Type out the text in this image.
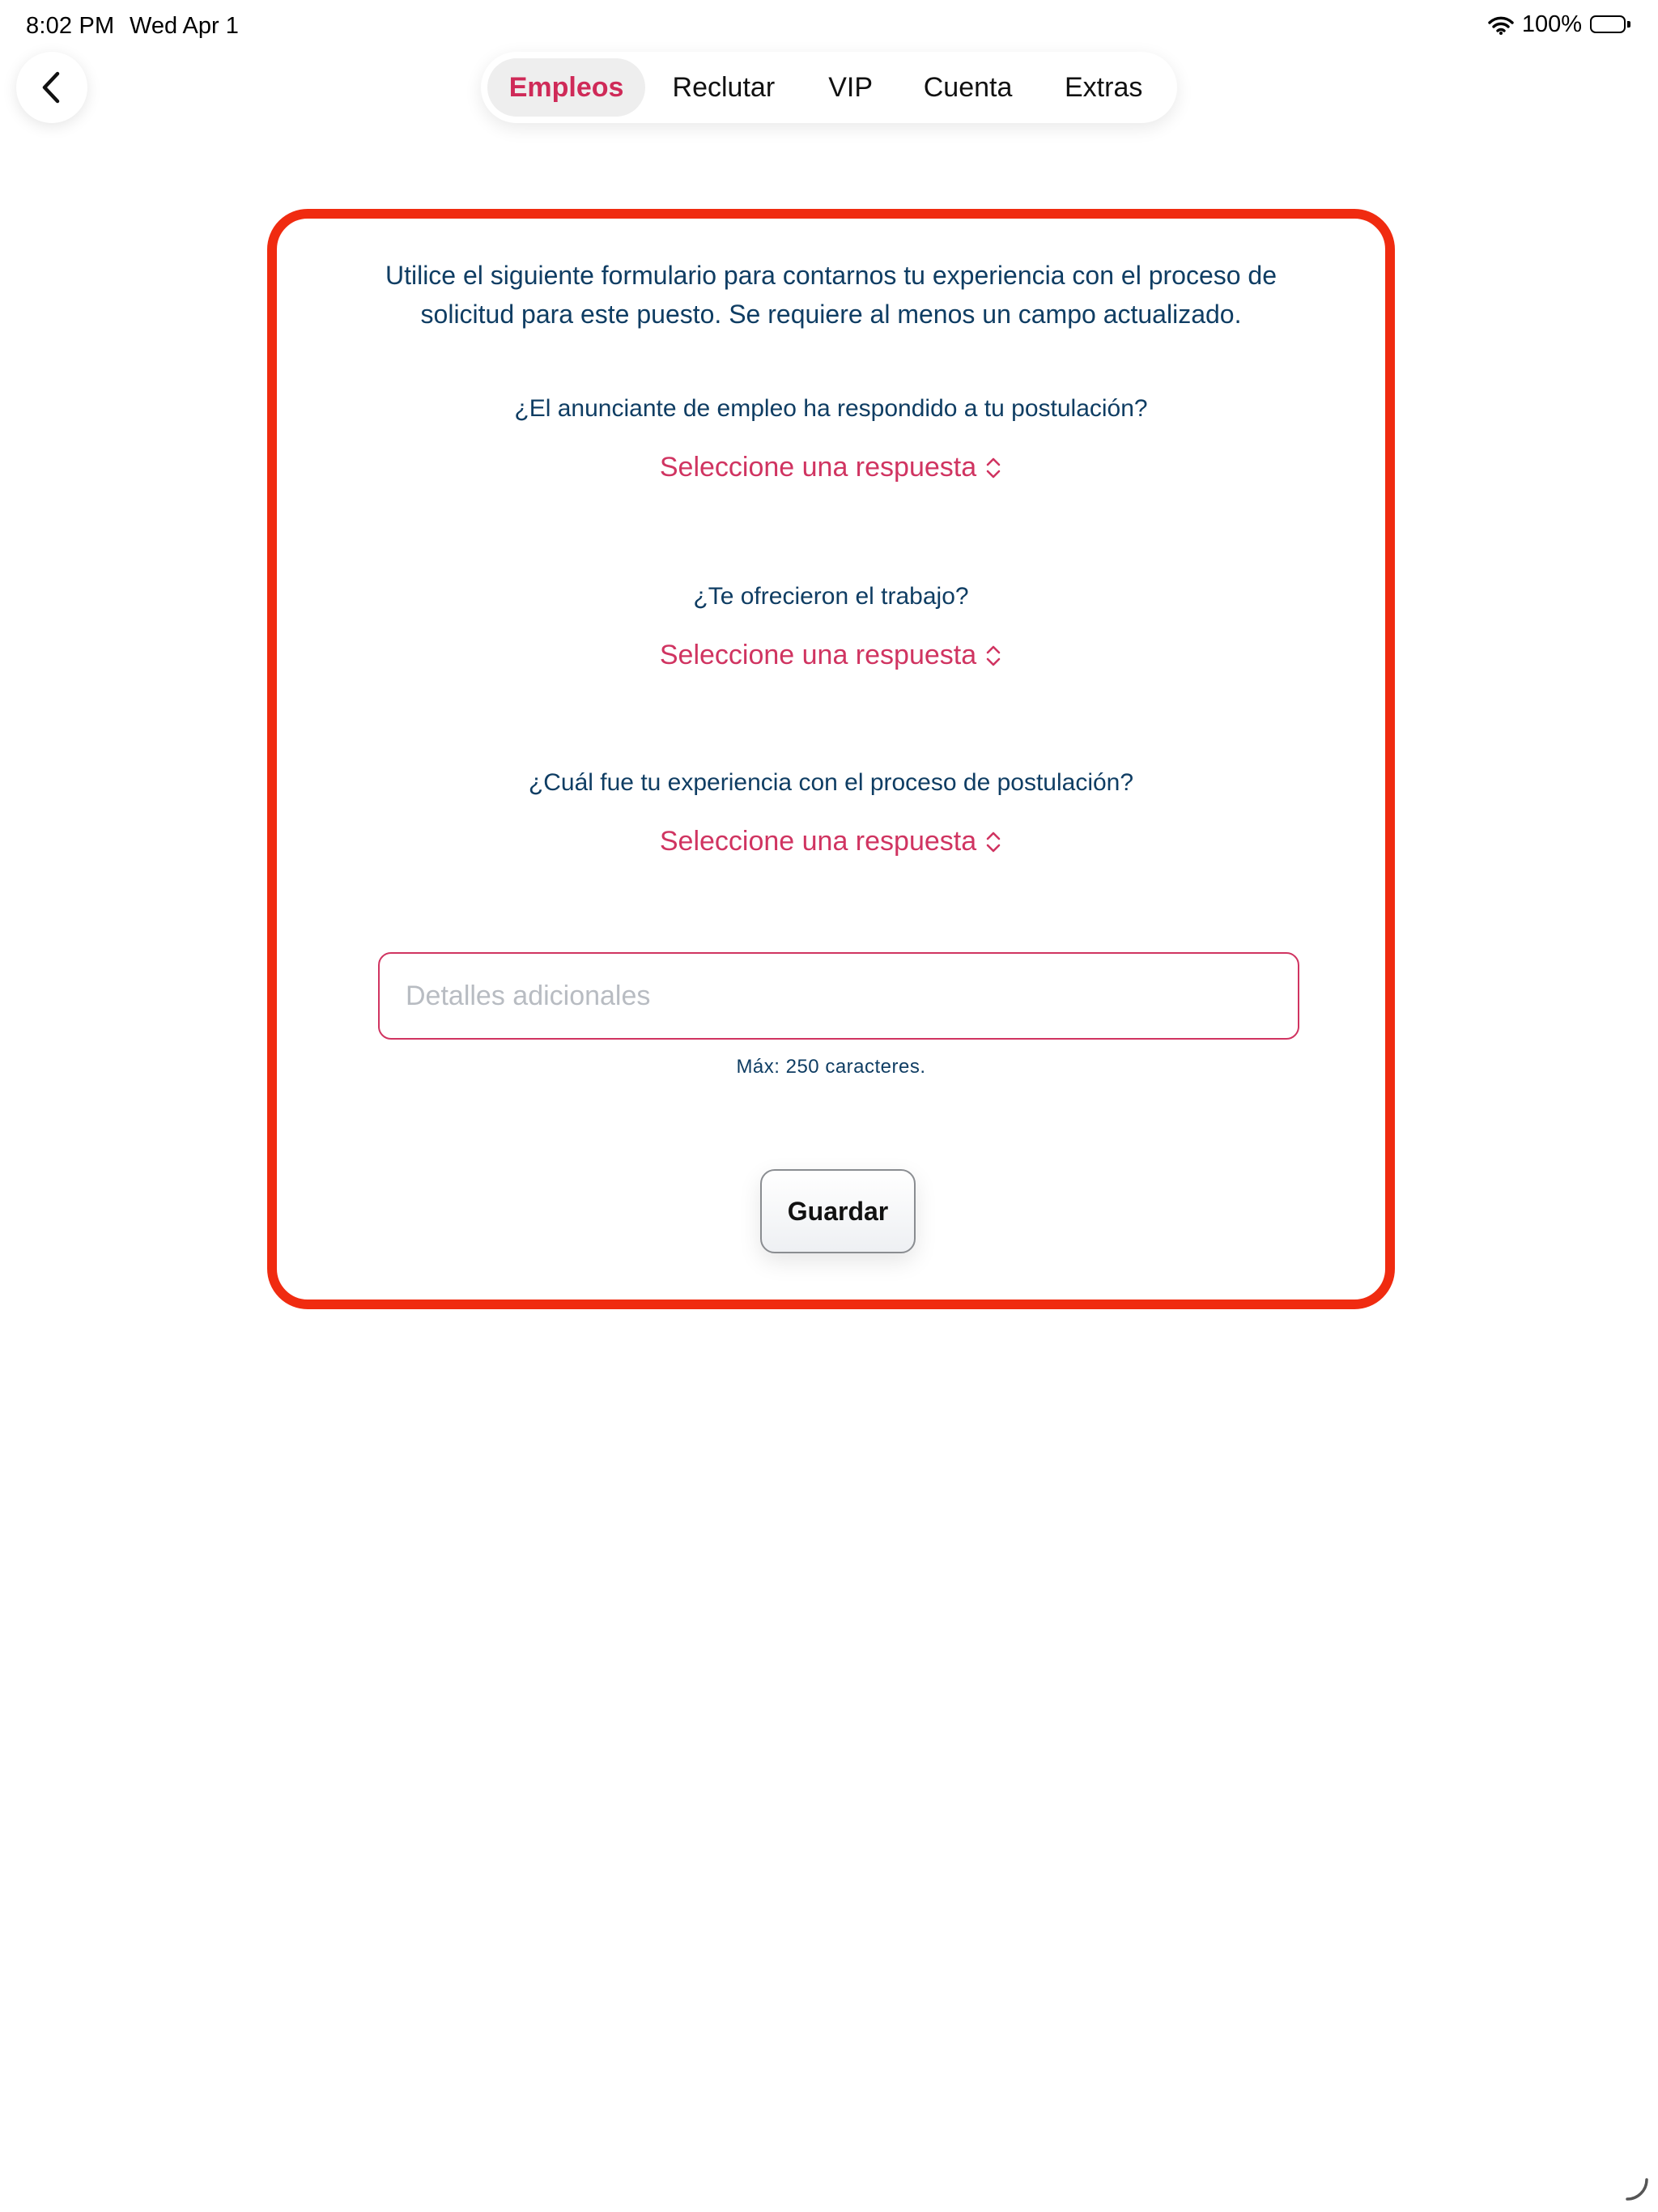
8:02 PM Wed Apr 1	100%
Empleos	Reclutar	VIP	Cuenta	Extras
Utilice el siguiente formulario para contarnos tu experiencia con el proceso de solicitud para este puesto. Se requiere al menos un campo actualizado.
¿El anunciante de empleo ha respondido a tu postulación?
Seleccione una respuesta
¿Te ofrecieron el trabajo?
Seleccione una respuesta
¿Cuál fue tu experiencia con el proceso de postulación?
Seleccione una respuesta
Detalles adicionales
Máx: 250 caracteres.
Guardar
